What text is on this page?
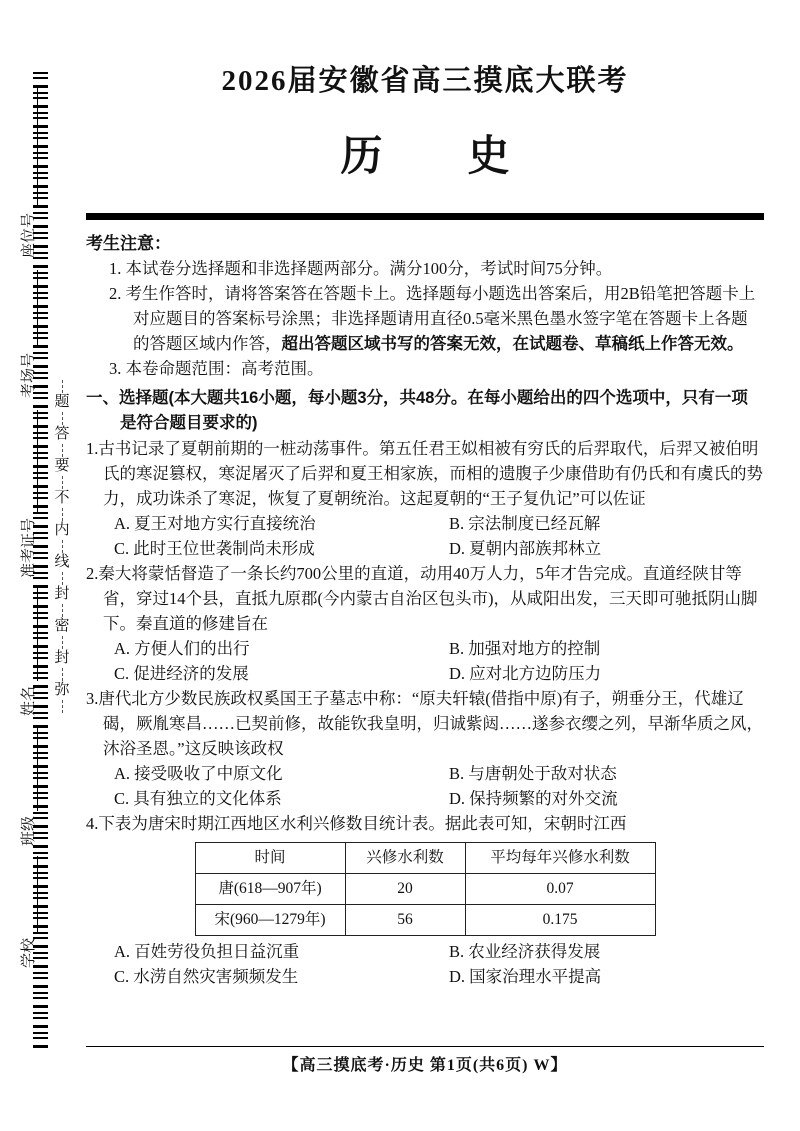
座位号
考场号
准考证号
姓名
班级
学校
题
答
要
不
内
线
封
密
封
弥
2026届安徽省高三摸底大联考
历史
考生注意：
1. 本试卷分选择题和非选择题两部分。满分100分，考试时间75分钟。
2. 考生作答时，请将答案答在答题卡上。选择题每小题选出答案后，用2B铅笔把答题卡上对应题目的答案标号涂黑；非选择题请用直径0.5毫米黑色墨水签字笔在答题卡上各题的答题区域内作答，超出答题区域书写的答案无效，在试题卷、草稿纸上作答无效。
3. 本卷命题范围：高考范围。
一、选择题(本大题共16小题，每小题3分，共48分。在每小题给出的四个选项中，只有一项是符合题目要求的)
1.古书记录了夏朝前期的一桩动荡事件。第五任君王姒相被有穷氏的后羿取代，后羿又被伯明氏的寒浞篡权，寒浞屠灭了后羿和夏王相家族，而相的遗腹子少康借助有仍氏和有虞氏的势力，成功诛杀了寒浞，恢复了夏朝统治。这起夏朝的“王子复仇记”可以佐证
A. 夏王对地方实行直接统治	B. 宗法制度已经瓦解
C. 此时王位世袭制尚未形成	D. 夏朝内部族邦林立
2.秦大将蒙恬督造了一条长约700公里的直道，动用40万人力，5年才告完成。直道经陕甘等省，穿过14个县，直抵九原郡(今内蒙古自治区包头市)，从咸阳出发，三天即可驰抵阴山脚下。秦直道的修建旨在
A. 方便人们的出行	B. 加强对地方的控制
C. 促进经济的发展	D. 应对北方边防压力
3.唐代北方少数民族政权奚国王子墓志中称：“原夫轩辕(借指中原)有子，朔垂分王，代雄辽碣，厥胤寒昌……已契前修，故能钦我皇明，归诚紫闼……遂参衣缨之列，早渐华质之风，沐浴圣恩。”这反映该政权
A. 接受吸收了中原文化	B. 与唐朝处于敌对状态
C. 具有独立的文化体系	D. 保持频繁的对外交流
4.下表为唐宋时期江西地区水利兴修数目统计表。据此表可知，宋朝时江西
时间	兴修水利数	平均每年兴修水利数
唐(618—907年)	20	0.07
宋(960—1279年)	56	0.175
A. 百姓劳役负担日益沉重	B. 农业经济获得发展
C. 水涝自然灾害频频发生	D. 国家治理水平提高
【高三摸底考·历史 第1页(共6页) W】
